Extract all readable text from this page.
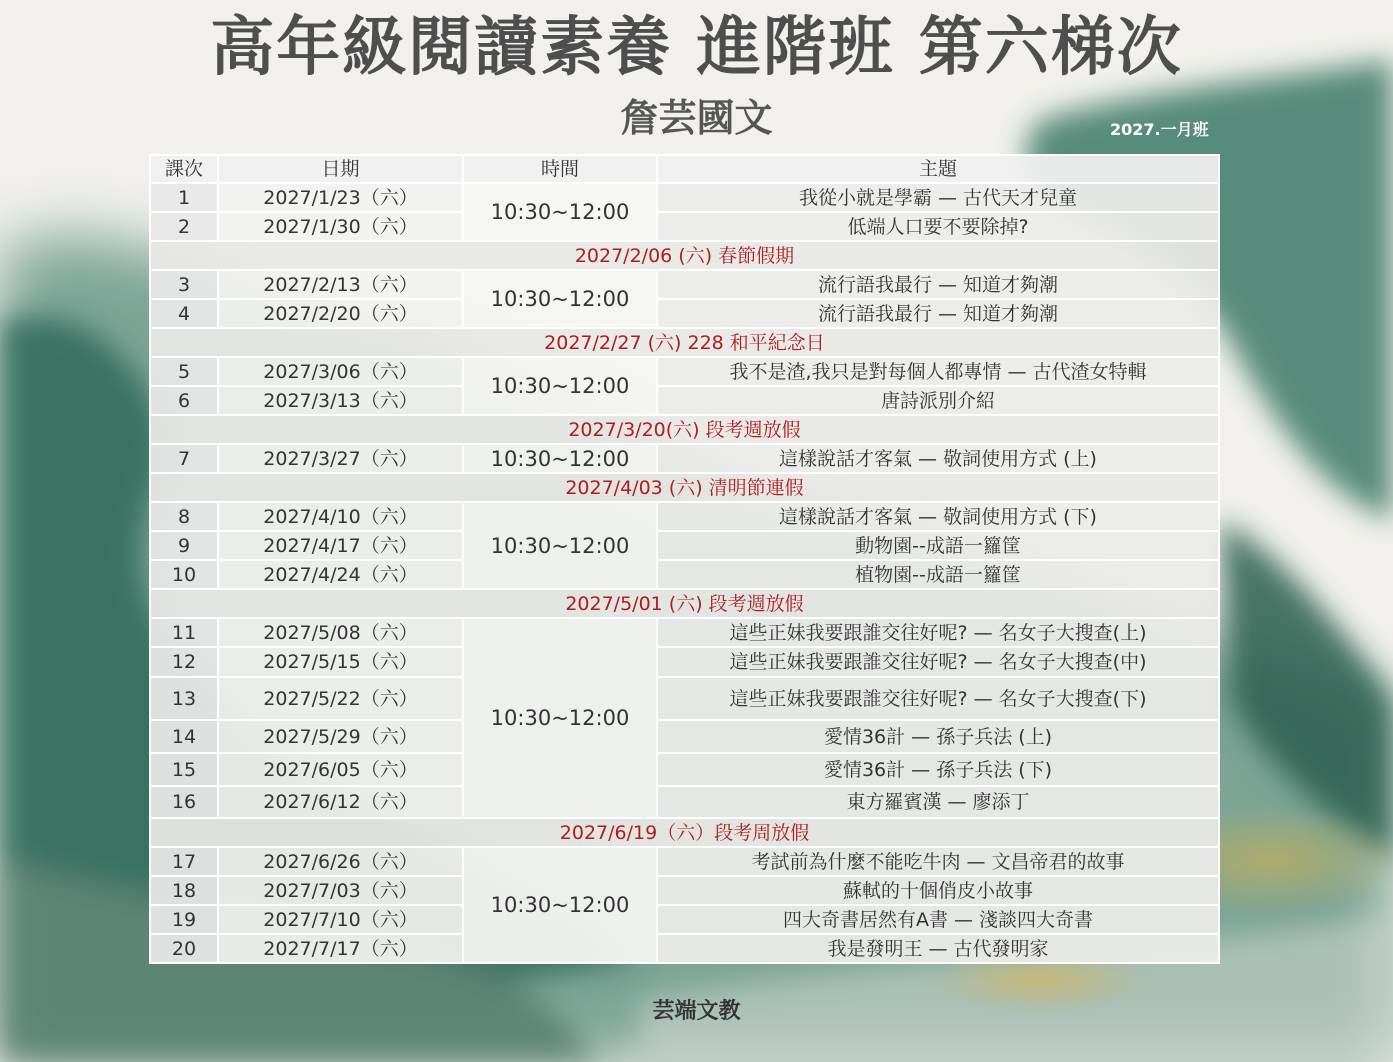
高年級閱讀素養 進階班 第六梯次
詹芸國文	2027.一月班
課次	日期	時間	主題
1	2027/1/23（六）	10:30~12:00	我從小就是學霸 — 古代天才兒童
2	2027/1/30（六）		低端人口要不要除掉?
2027/2/06 (六) 春節假期			
3	2027/2/13（六）	10:30~12:00	流行語我最行 — 知道才夠潮
4	2027/2/20（六）		流行語我最行 — 知道才夠潮
2027/2/27 (六) 228 和平紀念日			
5	2027/3/06（六）	10:30~12:00	我不是渣,我只是對每個人都專情 — 古代渣女特輯
6	2027/3/13（六）		唐詩派別介紹
2027/3/20(六) 段考週放假			
7	2027/3/27（六）	10:30~12:00	這樣說話才客氣 — 敬詞使用方式 (上)
2027/4/03 (六) 清明節連假			
8	2027/4/10（六）	10:30~12:00	這樣說話才客氣 — 敬詞使用方式 (下)
9	2027/4/17（六）		動物園--成語一籮筐
10	2027/4/24（六）		植物園--成語一籮筐
2027/5/01 (六) 段考週放假			
11	2027/5/08（六）	10:30~12:00	這些正妹我要跟誰交往好呢? — 名女子大搜查(上)
12	2027/5/15（六）		這些正妹我要跟誰交往好呢? — 名女子大搜查(中)
13	2027/5/22（六）		這些正妹我要跟誰交往好呢? — 名女子大搜查(下)
14	2027/5/29（六）		愛情36計 — 孫子兵法 (上)
15	2027/6/05（六）		愛情36計 — 孫子兵法 (下)
16	2027/6/12（六）		東方羅賓漢 — 廖添丁
2027/6/19（六）段考周放假			
17	2027/6/26（六）	10:30~12:00	考試前為什麼不能吃牛肉 — 文昌帝君的故事
18	2027/7/03（六）		蘇軾的十個俏皮小故事
19	2027/7/10（六）		四大奇書居然有A書 — 淺談四大奇書
20	2027/7/17（六）		我是發明王 — 古代發明家
芸端文教
